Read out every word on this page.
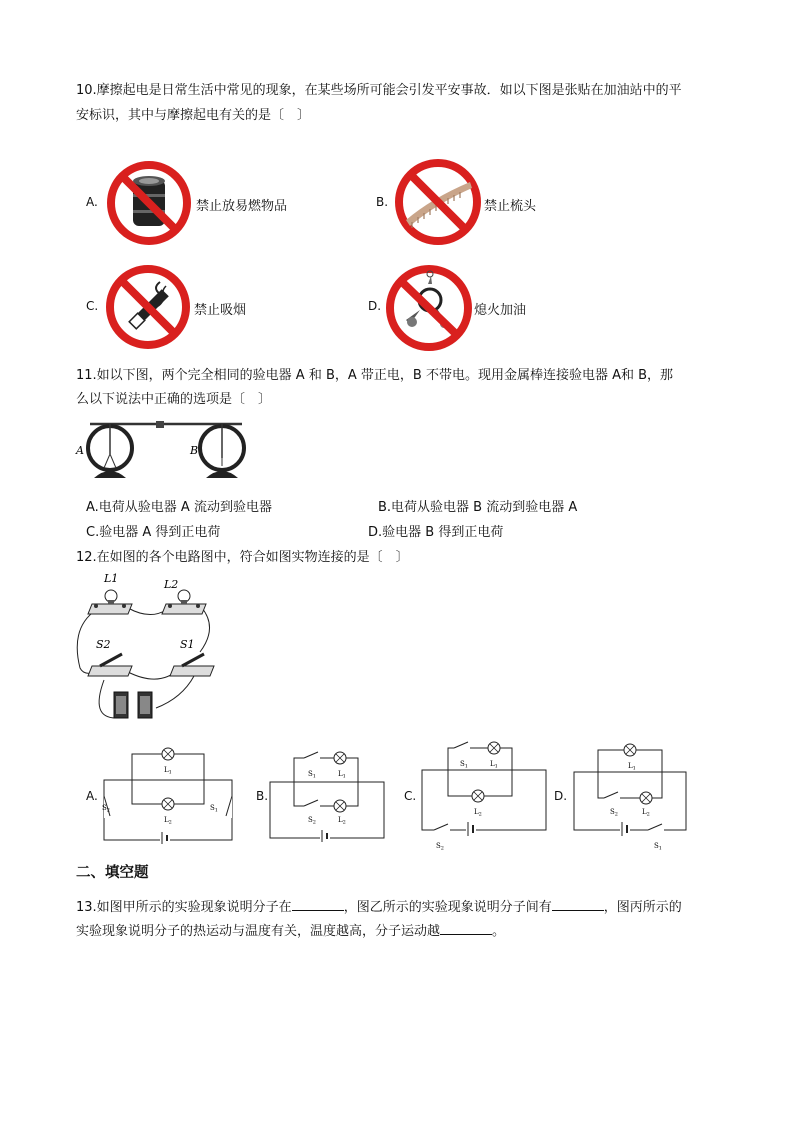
10.摩擦起电是日常生活中常见的现象，在某些场所可能会引发平安事故．如以下图是张贴在加油站中的平
安标识，其中与摩擦起电有关的是〔　〕
A.	禁止放易燃物品	B.	禁止梳头
C.	禁止吸烟	D.	熄火加油
11.如以下图，两个完全相同的验电器 A 和 B，A 带正电，B 不带电。现用金属棒连接验电器 A和 B，那
么以下说法中正确的选项是〔　〕
A	B
A.电荷从验电器 A 流动到验电器	B.电荷从验电器 B 流动到验电器 A
C.验电器 A 得到正电荷	D.验电器 B 得到正电荷
12.在如图的各个电路图中，符合如图实物连接的是〔　〕
L1	L2
S2	S1
A.
$L_1$
$L_2$
$S_2$	$S_1$
B.
$S_1$	$L_1$
$S_2$	$L_2$
C.
$S_1$	$L_1$
$L_2$
$S_2$
D.
$L_1$
$S_2$	$L_2$
$S_1$
二、填空题
13.如图甲所示的实验现象说明分子在	，图乙所示的实验现象说明分子间有	，图丙所示的
实验现象说明分子的热运动与温度有关，温度越高，分子运动越	。
